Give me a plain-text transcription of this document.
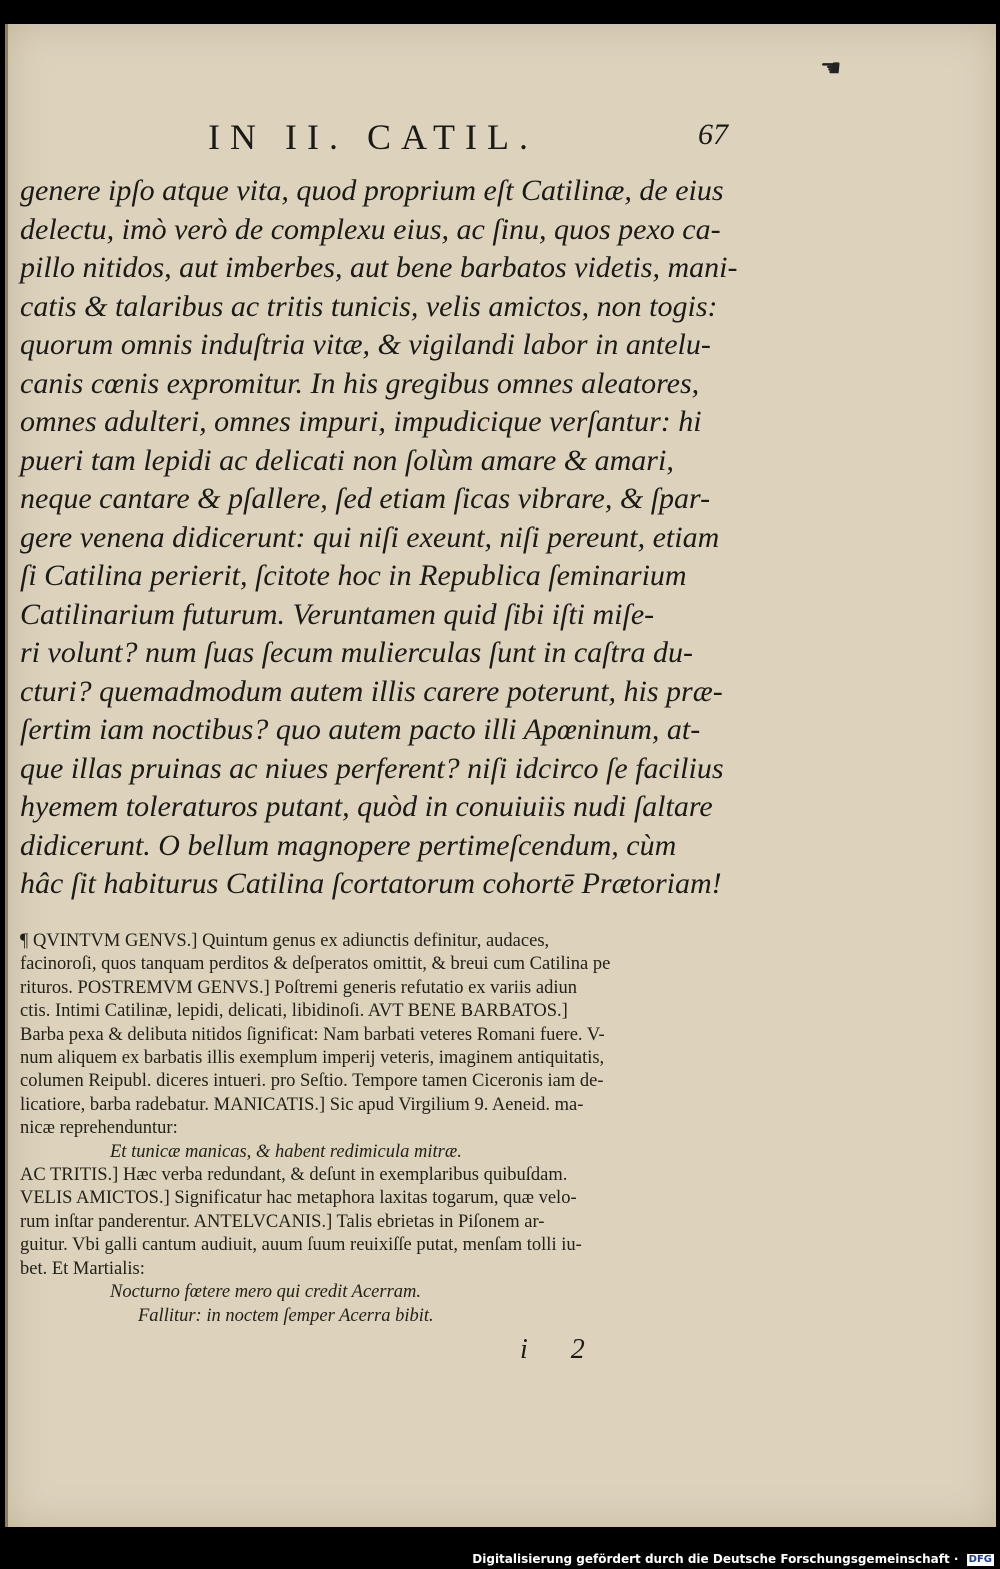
☚
IN II. CATIL.	67
genere ipſo atque vita, quod proprium eſt Catilinæ, de eius
delectu, imò verò de complexu eius, ac ſinu, quos pexo ca-
pillo nitidos, aut imberbes, aut bene barbatos videtis, mani-
catis & talaribus ac tritis tunicis, velis amictos, non togis:
quorum omnis induſtria vitæ, & vigilandi labor in antelu-
canis cœnis expromitur. In his gregibus omnes aleatores,
omnes adulteri, omnes impuri, impudicique verſantur: hi
pueri tam lepidi ac delicati non ſolùm amare & amari,
neque cantare & pſallere, ſed etiam ſicas vibrare, & ſpar-
gere venena didicerunt: qui niſi exeunt, niſi pereunt, etiam
ſi Catilina perierit, ſcitote hoc in Republica ſeminarium
Catilinarium futurum. Veruntamen quid ſibi iſti miſe-
ri volunt? num ſuas ſecum mulierculas ſunt in caſtra du-
cturi? quemadmodum autem illis carere poterunt, his præ-
ſertim iam noctibus? quo autem pacto illi Apœninum, at-
que illas pruinas ac niues perferent? niſi idcirco ſe facilius
hyemem toleraturos putant, quòd in conuiuiis nudi ſaltare
didicerunt. O bellum magnopere pertimeſcendum, cùm
hâc ſit habiturus Catilina ſcortatorum cohortē Prætoriam!
¶ QVINTVM GENVS.] Quintum genus ex adiunctis definitur, audaces,
facinoroſi, quos tanquam perditos & deſperatos omittit, & breui cum Catilina pe
rituros. POSTREMVM GENVS.] Poſtremi generis refutatio ex variis adiun
ctis. Intimi Catilinæ, lepidi, delicati, libidinoſi. AVT BENE BARBATOS.]
Barba pexa & delibuta nitidos ſignificat: Nam barbati veteres Romani fuere. V-
num aliquem ex barbatis illis exemplum imperij veteris, imaginem antiquitatis,
columen Reipubl. diceres intueri. pro Seſtio. Tempore tamen Ciceronis iam de-
licatiore, barba radebatur. MANICATIS.] Sic apud Virgilium 9. Aeneid. ma-
nicæ reprehenduntur:
Et tunicæ manicas, & habent redimicula mitræ.
AC TRITIS.] Hæc verba redundant, & deſunt in exemplaribus quibuſdam.
VELIS AMICTOS.] Significatur hac metaphora laxitas togarum, quæ velo-
rum inſtar panderentur. ANTELVCANIS.] Talis ebrietas in Piſonem ar-
guitur. Vbi galli cantum audiuit, auum ſuum reuixiſſe putat, menſam tolli iu-
bet. Et Martialis:
Nocturno fœtere mero qui credit Acerram.
Fallitur: in noctem ſemper Acerra bibit.
i 2
Digitalisierung gefördert durch die Deutsche Forschungsgemeinschaft · DFG
